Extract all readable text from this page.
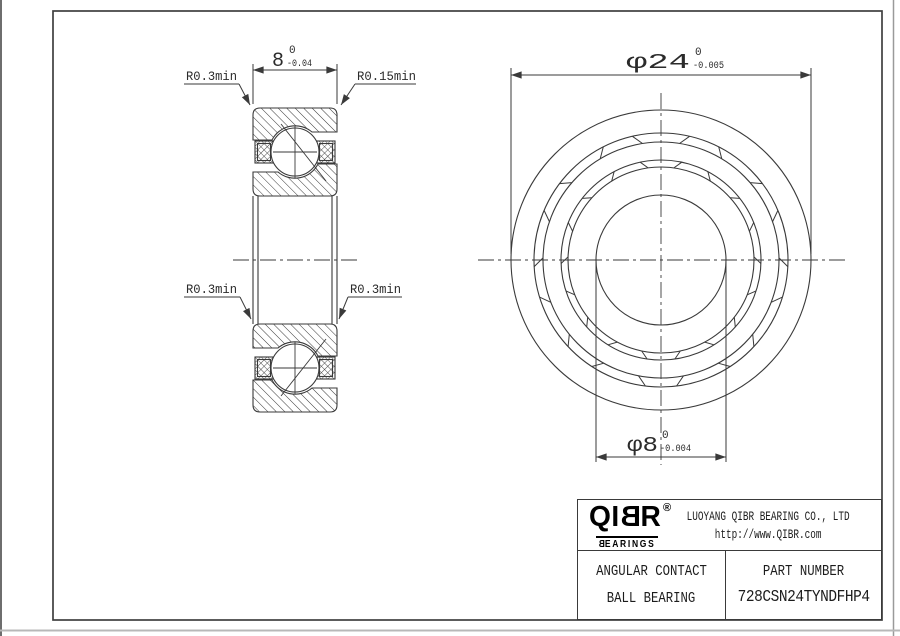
8 0
-0.04
R0.3min	R0.15min
R0.3min	R0.3min
φ24 0
-0.005
φ8 0
-0.004
QIBR ®
BEARINGS
LUOYANG QIBR BEARING CO., LTD
http://www.QIBR.com
ANGULAR CONTACT
BALL BEARING
PART NUMBER
728CSN24TYNDFHP4
